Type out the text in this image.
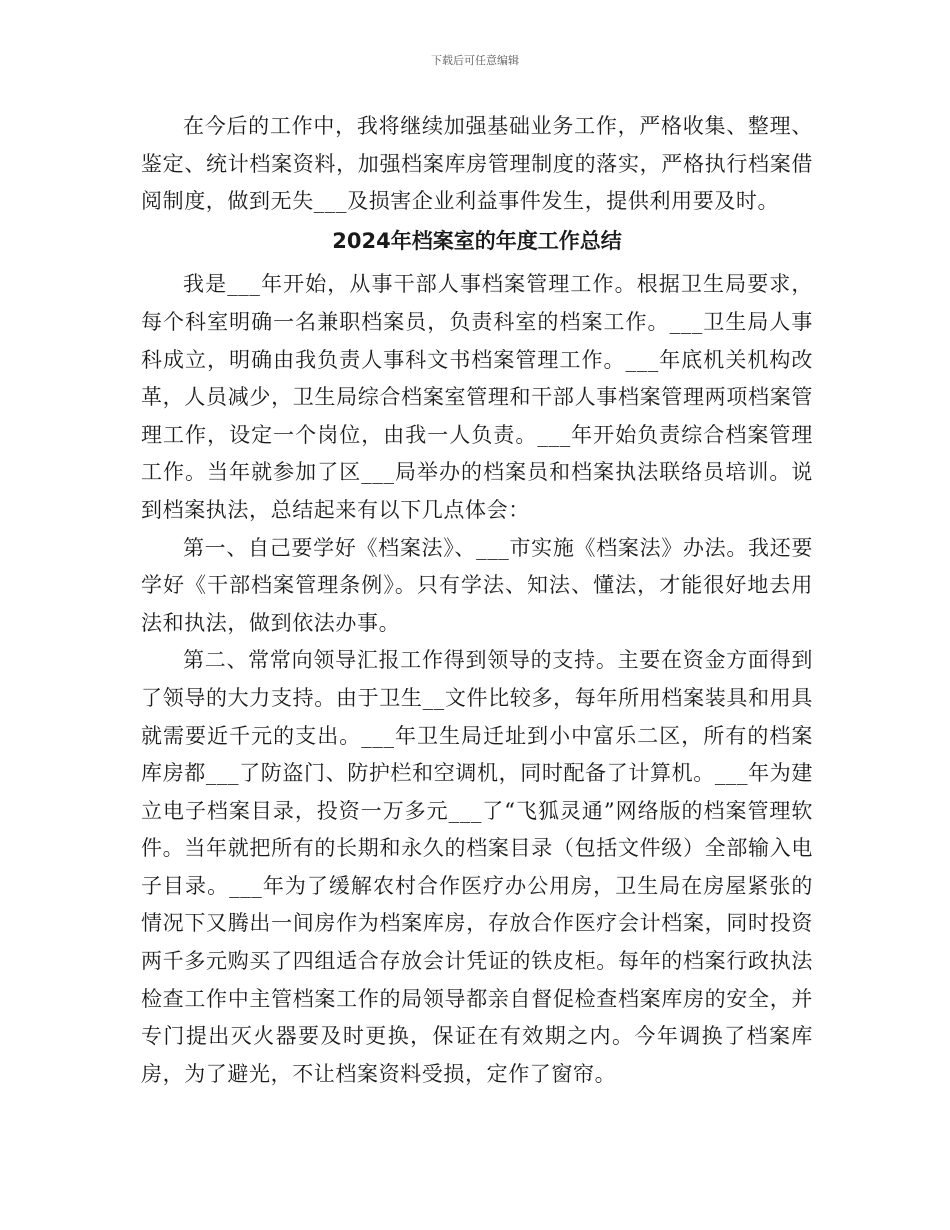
下载后可任意编辑

在今后的工作中，我将继续加强基础业务工作，严格收集、整理、鉴定、统计档案资料，加强档案库房管理制度的落实，严格执行档案借阅制度，做到无失___及损害企业利益事件发生，提供利用要及时。

2024年档案室的年度工作总结

我是___年开始，从事干部人事档案管理工作。根据卫生局要求，每个科室明确一名兼职档案员，负责科室的档案工作。___卫生局人事科成立，明确由我负责人事科文书档案管理工作。___年底机关机构改革，人员减少，卫生局综合档案室管理和干部人事档案管理两项档案管理工作，设定一个岗位，由我一人负责。___年开始负责综合档案管理工作。当年就参加了区___局举办的档案员和档案执法联络员培训。说到档案执法，总结起来有以下几点体会：

第一、自己要学好《档案法》、___市实施《档案法》办法。我还要学好《干部档案管理条例》。只有学法、知法、懂法，才能很好地去用法和执法，做到依法办事。

第二、常常向领导汇报工作得到领导的支持。主要在资金方面得到了领导的大力支持。由于卫生__文件比较多，每年所用档案装具和用具就需要近千元的支出。___年卫生局迁址到小中富乐二区，所有的档案库房都___了防盗门、防护栏和空调机，同时配备了计算机。___年为建立电子档案目录，投资一万多元___了“飞狐灵通”网络版的档案管理软件。当年就把所有的长期和永久的档案目录（包括文件级）全部输入电子目录。___年为了缓解农村合作医疗办公用房，卫生局在房屋紧张的情况下又腾出一间房作为档案库房，存放合作医疗会计档案，同时投资两千多元购买了四组适合存放会计凭证的铁皮柜。每年的档案行政执法检查工作中主管档案工作的局领导都亲自督促检查档案库房的安全，并专门提出灭火器要及时更换，保证在有效期之内。今年调换了档案库房，为了避光，不让档案资料受损，定作了窗帘。
